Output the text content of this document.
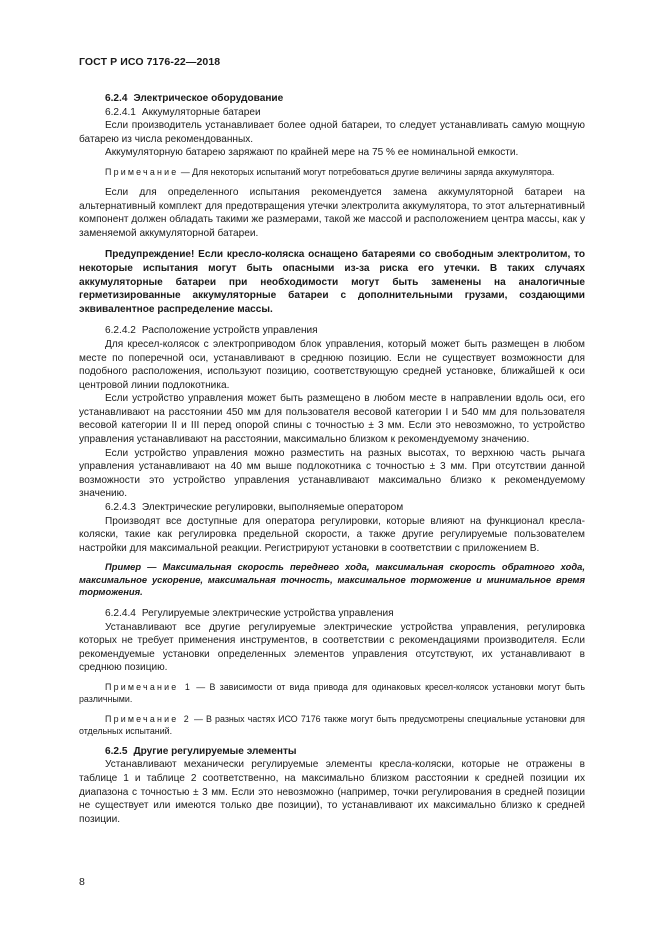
ГОСТ Р ИСО 7176-22—2018

6.2.4 Электрическое оборудование

6.2.4.1 Аккумуляторные батареи

Если производитель устанавливает более одной батареи, то следует устанавливать самую мощную батарею из числа рекомендованных.

Аккумуляторную батарею заряжают по крайней мере на 75 % ее номинальной емкости.

Примечание — Для некоторых испытаний могут потребоваться другие величины заряда аккумулятора.

Если для определенного испытания рекомендуется замена аккумуляторной батареи на альтернативный комплект для предотвращения утечки электролита аккумулятора, то этот альтернативный компонент должен обладать такими же размерами, такой же массой и расположением центра массы, как у заменяемой аккумуляторной батареи.

Предупреждение! Если кресло-коляска оснащено батареями со свободным электролитом, то некоторые испытания могут быть опасными из-за риска его утечки. В таких случаях аккумуляторные батареи при необходимости могут быть заменены на аналогичные герметизированные аккумуляторные батареи с дополнительными грузами, создающими эквивалентное распределение массы.

6.2.4.2 Расположение устройств управления

Для кресел-колясок с электроприводом блок управления, который может быть размещен в любом месте по поперечной оси, устанавливают в среднюю позицию. Если не существует возможности для подобного расположения, используют позицию, соответствующую средней установке, ближайшей к оси центровой линии подлокотника.

Если устройство управления может быть размещено в любом месте в направлении вдоль оси, его устанавливают на расстоянии 450 мм для пользователя весовой категории I и 540 мм для пользователя весовой категории II и III перед опорой спины с точностью ± 3 мм. Если это невозможно, то устройство управления устанавливают на расстоянии, максимально близком к рекомендуемому значению.

Если устройство управления можно разместить на разных высотах, то верхнюю часть рычага управления устанавливают на 40 мм выше подлокотника с точностью ± 3 мм. При отсутствии данной возможности это устройство управления устанавливают максимально близко к рекомендуемому значению.

6.2.4.3 Электрические регулировки, выполняемые оператором

Производят все доступные для оператора регулировки, которые влияют на функционал кресла-коляски, такие как регулировка предельной скорости, а также другие регулируемые пользователем настройки для максимальной реакции. Регистрируют установки в соответствии с приложением В.

Пример — Максимальная скорость переднего хода, максимальная скорость обратного хода, максимальное ускорение, максимальная точность, максимальное торможение и минимальное время торможения.

6.2.4.4 Регулируемые электрические устройства управления

Устанавливают все другие регулируемые электрические устройства управления, регулировка которых не требует применения инструментов, в соответствии с рекомендациями производителя. Если рекомендуемые установки определенных элементов управления отсутствуют, их устанавливают в среднюю позицию.

Примечание 1 — В зависимости от вида привода для одинаковых кресел-колясок установки могут быть различными.

Примечание 2 — В разных частях ИСО 7176 также могут быть предусмотрены специальные установки для отдельных испытаний.

6.2.5 Другие регулируемые элементы

Устанавливают механически регулируемые элементы кресла-коляски, которые не отражены в таблице 1 и таблице 2 соответственно, на максимально близком расстоянии к средней позиции их диапазона с точностью ± 3 мм. Если это невозможно (например, точки регулирования в средней позиции не существует или имеются только две позиции), то устанавливают их максимально близко к средней позиции.

8
